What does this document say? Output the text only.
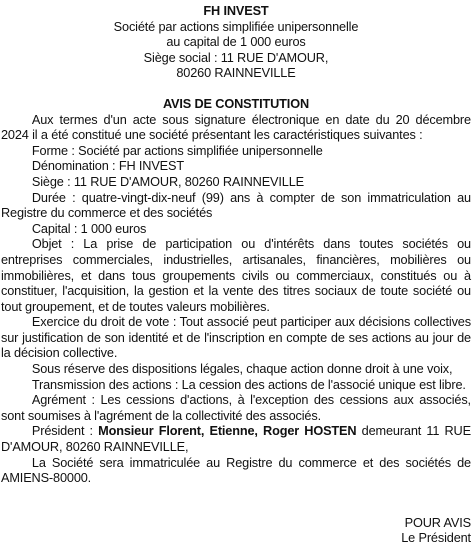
FH INVEST
Société par actions simplifiée unipersonnelle
au capital de 1 000 euros
Siège social : 11 RUE D'AMOUR,
80260 RAINNEVILLE
AVIS DE CONSTITUTION

Aux termes d'un acte sous signature électronique en date du 20 décembre 2024 il a été constitué une société présentant les caractéristiques suivantes :

Forme : Société par actions simplifiée unipersonnelle

Dénomination : FH INVEST

Siège : 11 RUE D'AMOUR, 80260 RAINNEVILLE

Durée : quatre-vingt-dix-neuf (99) ans à compter de son immatriculation au Registre du commerce et des sociétés

Capital : 1 000 euros

Objet : La prise de participation ou d'intérêts dans toutes sociétés ou entreprises commerciales, industrielles, artisanales, financières, mobilières ou immobilières, et dans tous groupements civils ou commerciaux, constitués ou à constituer, l'acquisition, la gestion et la vente des titres sociaux de toute société ou tout groupement, et de toutes valeurs mobilières.

Exercice du droit de vote : Tout associé peut participer aux décisions collectives sur justification de son identité et de l'inscription en compte de ses actions au jour de la décision collective.

Sous réserve des dispositions légales, chaque action donne droit à une voix,

Transmission des actions : La cession des actions de l'associé unique est libre.

Agrément : Les cessions d'actions, à l'exception des cessions aux associés, sont soumises à l'agrément de la collectivité des associés.

Président : Monsieur Florent, Etienne, Roger HOSTEN demeurant 11 RUE D'AMOUR, 80260 RAINNEVILLE,

La Société sera immatriculée au Registre du commerce et des sociétés de AMIENS-80000.

POUR AVIS
Le Président
